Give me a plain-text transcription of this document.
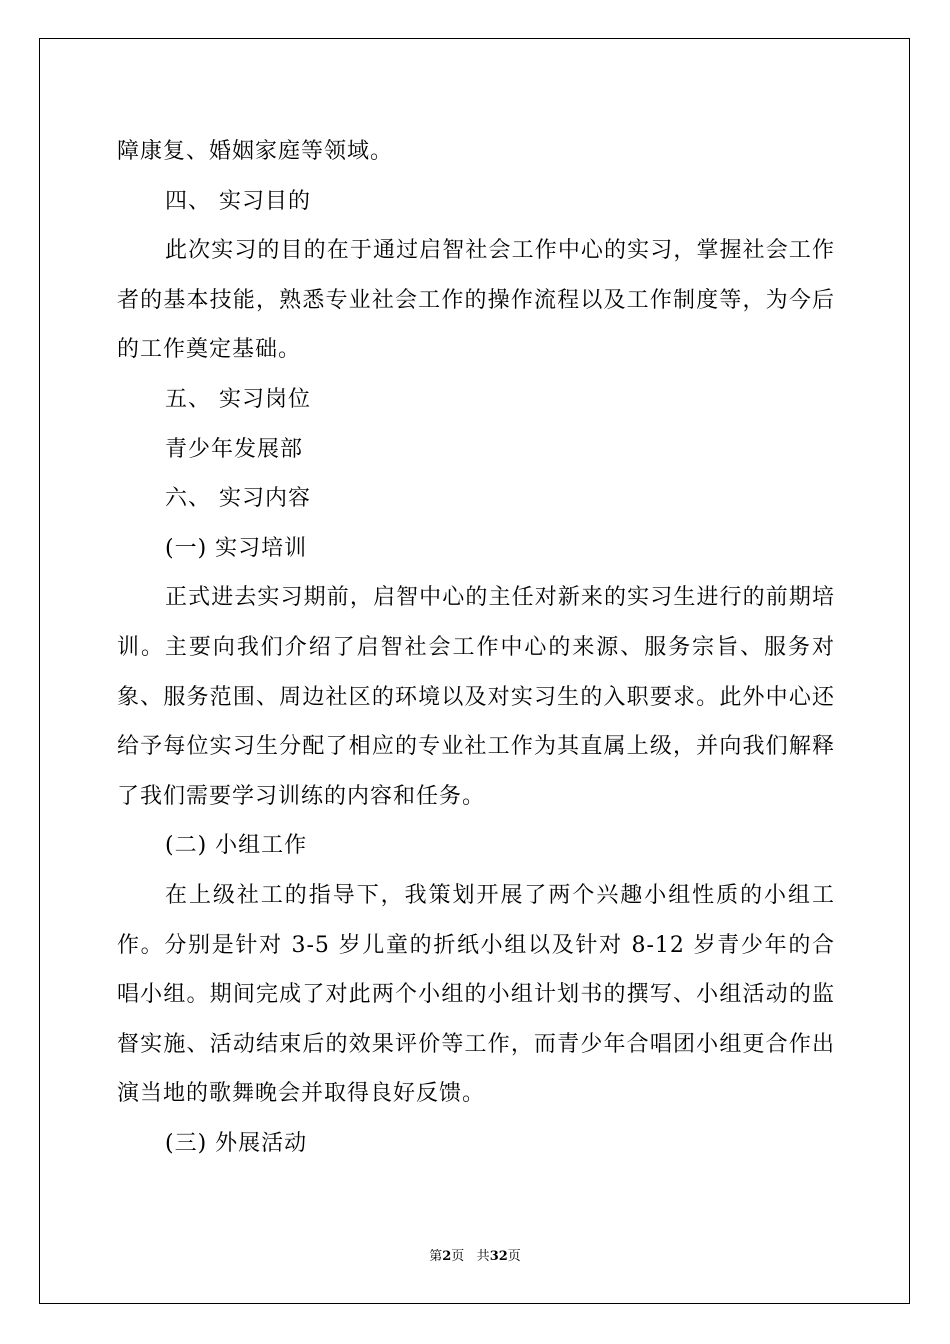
障康复、婚姻家庭等领域。

四、 实习目的

此次实习的目的在于通过启智社会工作中心的实习，掌握社会工作者的基本技能，熟悉专业社会工作的操作流程以及工作制度等，为今后的工作奠定基础。

五、 实习岗位

青少年发展部

六、 实习内容

(一) 实习培训

正式进去实习期前，启智中心的主任对新来的实习生进行的前期培训。主要向我们介绍了启智社会工作中心的来源、服务宗旨、服务对象、服务范围、周边社区的环境以及对实习生的入职要求。此外中心还给予每位实习生分配了相应的专业社工作为其直属上级，并向我们解释了我们需要学习训练的内容和任务。

(二) 小组工作

在上级社工的指导下，我策划开展了两个兴趣小组性质的小组工作。分别是针对 3-5 岁儿童的折纸小组以及针对 8-12 岁青少年的合唱小组。期间完成了对此两个小组的小组计划书的撰写、小组活动的监督实施、活动结束后的效果评价等工作，而青少年合唱团小组更合作出演当地的歌舞晚会并取得良好反馈。

(三) 外展活动

第2页 共32页
